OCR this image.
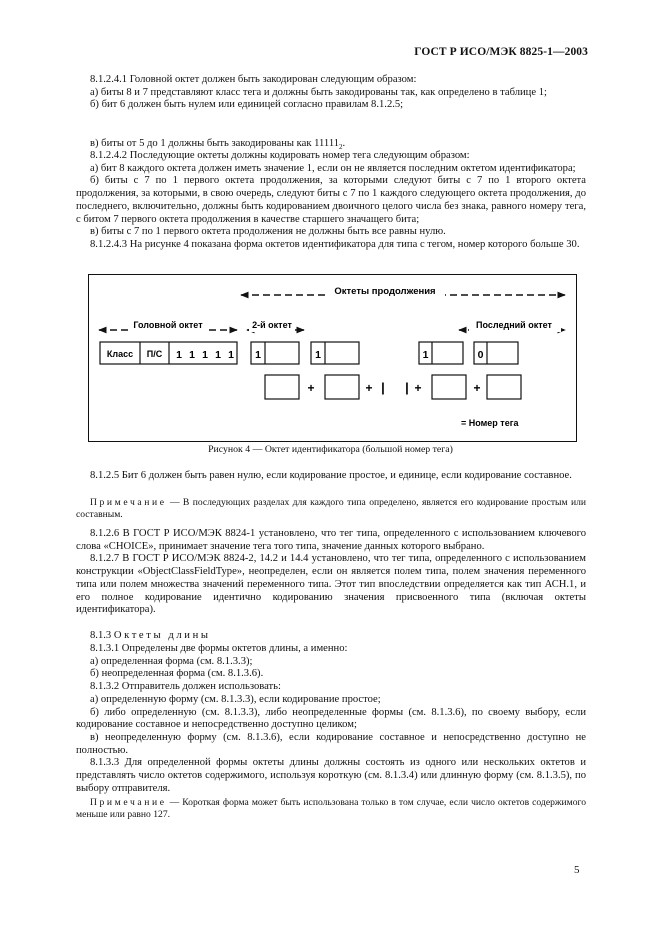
ГОСТ Р ИСО/МЭК 8825-1—2003

8.1.2.4.1 Головной октет должен быть закодирован следующим образом:

а) биты 8 и 7 представляют класс тега и должны быть закодированы так, как определено в таблице 1;

б) бит 6 должен быть нулем или единицей согласно правилам 8.1.2.5;

в) биты от 5 до 1 должны быть закодированы как $11111_2$.

8.1.2.4.2 Последующие октеты должны кодировать номер тега следующим образом:

а) бит 8 каждого октета должен иметь значение 1, если он не является последним октетом идентификатора;

б) биты с 7 по 1 первого октета продолжения, за которыми следуют биты с 7 по 1 второго октета продолжения, за которыми, в свою очередь, следуют биты с 7 по 1 каждого следующего октета продолжения, до последнего, включительно, должны быть кодированием двоичного целого числа без знака, равного номеру тега, с битом 7 первого октета продолжения в качестве старшего значащего бита;

в) биты с 7 по 1 первого октета продолжения не должны быть все равны нулю.

8.1.2.4.3 На рисунке 4 показана форма октетов идентификатора для типа с тегом, номер которого больше 30.

Октеты продолжения
Головной октет	2-й октет	Последний октет
Класс П/С 1 1 1 1 1 1	1	1	0
+	+ | | +	+
= Номер тега
Рисунок 4 — Октет идентификатора (большой номер тега)

8.1.2.5 Бит 6 должен быть равен нулю, если кодирование простое, и единице, если кодирование составное.

Примечание — В последующих разделах для каждого типа определено, является его кодирование простым или составным.

8.1.2.6 В ГОСТ Р ИСО/МЭК 8824-1 установлено, что тег типа, определенного с использованием ключевого слова «CHOICE», принимает значение тега того типа, значение данных которого выбрано.

8.1.2.7 В ГОСТ Р ИСО/МЭК 8824-2, 14.2 и 14.4 установлено, что тег типа, определенного с использованием конструкции «ObjectClassFieldType», неопределен, если он является полем типа, полем значения переменного типа или полем множества значений переменного типа. Этот тип впоследствии определяется как тип АСН.1, и его полное кодирование идентично кодированию значения присвоенного типа (включая октеты идентификатора).

8.1.3 Октеты длины

8.1.3.1 Определены две формы октетов длины, а именно:

а) определенная форма (см. 8.1.3.3);

б) неопределенная форма (см. 8.1.3.6).

8.1.3.2 Отправитель должен использовать:

а) определенную форму (см. 8.1.3.3), если кодирование простое;

б) либо определенную (см. 8.1.3.3), либо неопределенные формы (см. 8.1.3.6), по своему выбору, если кодирование составное и непосредственно доступно целиком;

в) неопределенную форму (см. 8.1.3.6), если кодирование составное и непосредственно доступно не полностью.

8.1.3.3 Для определенной формы октеты длины должны состоять из одного или нескольких октетов и представлять число октетов содержимого, используя короткую (см. 8.1.3.4) или длинную форму (см. 8.1.3.5), по выбору отправителя.

Примечание — Короткая форма может быть использована только в том случае, если число октетов содержимого меньше или равно 127.

5
